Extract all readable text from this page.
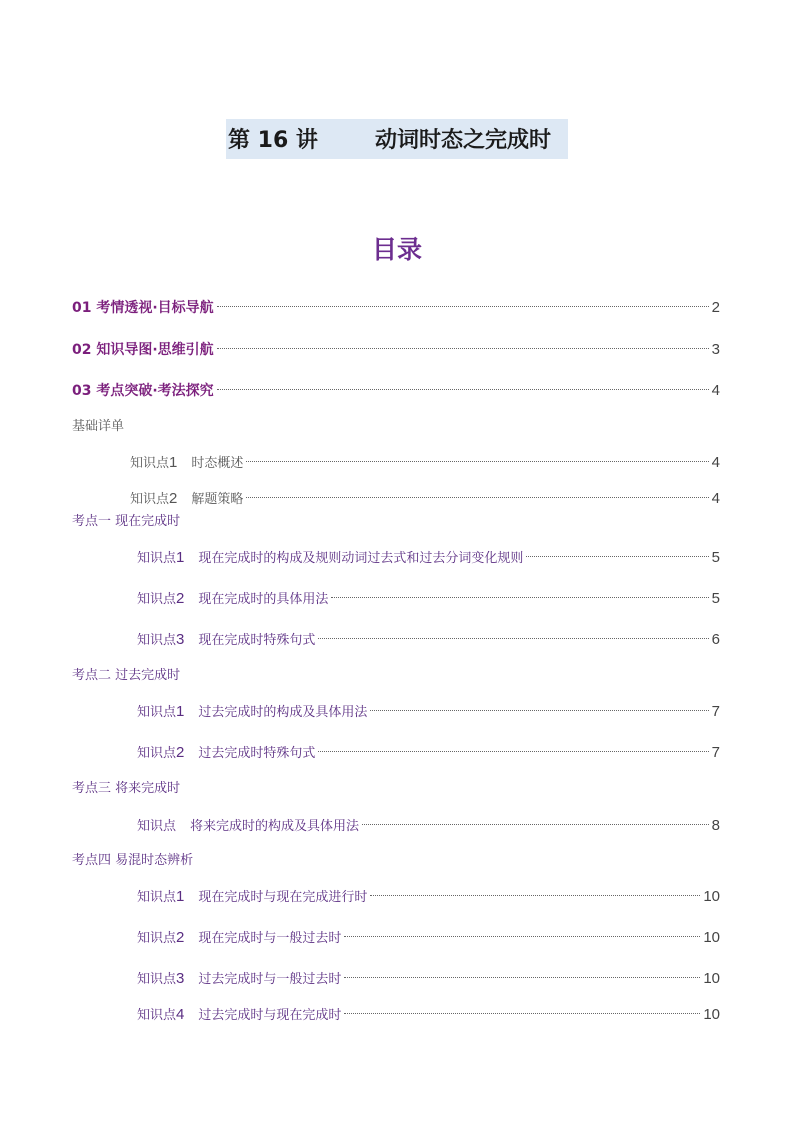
第 16 讲	动词时态之完成时
目录
01 考情透视·目标导航	2
02 知识导图·思维引航	3
03 考点突破·考法探究	4
基础详单
知识点1 时态概述	4
知识点2 解题策略	4
考点一 现在完成时
知识点1 现在完成时的构成及规则动词过去式和过去分词变化规则	5
知识点2 现在完成时的具体用法	5
知识点3 现在完成时特殊句式	6
考点二 过去完成时
知识点1 过去完成时的构成及具体用法	7
知识点2 过去完成时特殊句式	7
考点三 将来完成时
知识点 将来完成时的构成及具体用法	8
考点四 易混时态辨析
知识点1 现在完成时与现在完成进行时	10
知识点2 现在完成时与一般过去时	10
知识点3 过去完成时与一般过去时	10
知识点4 过去完成时与现在完成时	10
